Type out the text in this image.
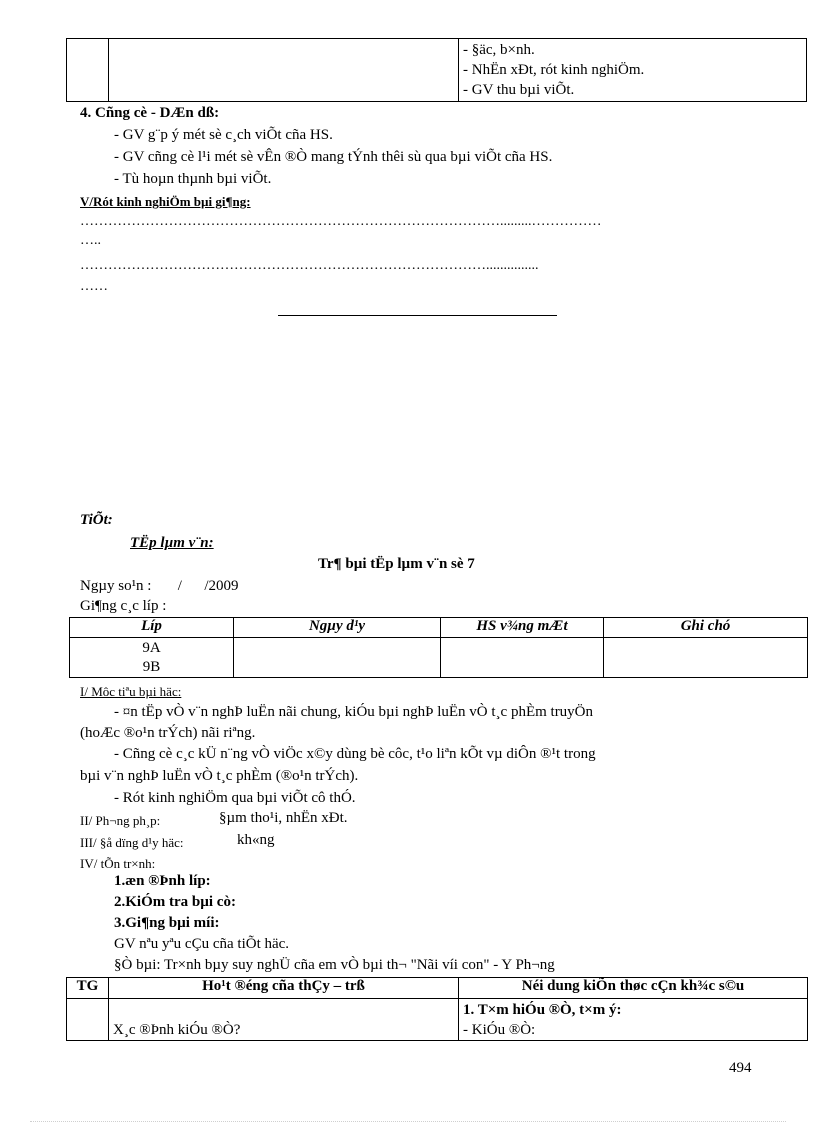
- §äc, b×nh.
- NhËn xÐt, rót kinh nghiÖm.
- GV thu bµi viÕt.
4. Cñng cè - DÆn dß:
- GV g¨p ý mét sè c¸ch viÕt cña HS.
- GV cñng cè l¹i mét sè vÊn ®Ò mang tÝnh thêi sù qua bµi viÕt cña HS.
- Tù hoµn thµnh bµi viÕt.
V/Rót kinh nghiÖm bµi gi¶ng:
……………………………………………………………………………….........……………
…..
……………………………………………………………………………...............
……
TiÕt:
TËp lµm v¨n:
Tr¶ bµi tËp lµm v¨n sè 7
Ngµy so¹n :       /      /2009
Gi¶ng c¸c líp :
Líp	Ngµy d¹y	HS v¾ng mÆt	Ghi chó

9A
9B			

I/ Môc tiªu bµi häc:
- ¤n tËp vÒ v¨n nghÞ luËn nãi chung, kiÓu bµi nghÞ luËn vÒ t¸c phÈm truyÖn
(hoÆc ®o¹n trÝch) nãi riªng.
- Cñng cè c¸c kÜ n¨ng vÒ viÖc x©y dùng bè côc, t¹o liªn kÕt vµ diÔn ®¹t trong
bµi v¨n nghÞ luËn vÒ t¸c phÈm (®o¹n trÝch).
- Rót kinh nghiÖm qua bµi viÕt cô thÓ.
II/ Ph¬ng ph¸p:	§µm tho¹i, nhËn xÐt.
III/ §å dïng d¹y häc:	kh«ng
IV/ tÕn tr×nh:
1.æn ®Þnh líp:
2.KiÓm tra bµi cò:
3.Gi¶ng bµi míi:
GV nªu yªu cÇu cña tiÕt häc.
§Ò bµi: Tr×nh bµy suy nghÜ cña em vÒ bµi th¬ "Nãi víi con" - Y Ph¬ng
TG	Ho¹t ®éng cña thÇy – trß	Néi dung kiÕn thøc cÇn kh¾c s©u

	X¸c ®Þnh kiÓu ®Ò?	1. T×m hiÓu ®Ò, t×m ý:
- KiÓu ®Ò:
494
